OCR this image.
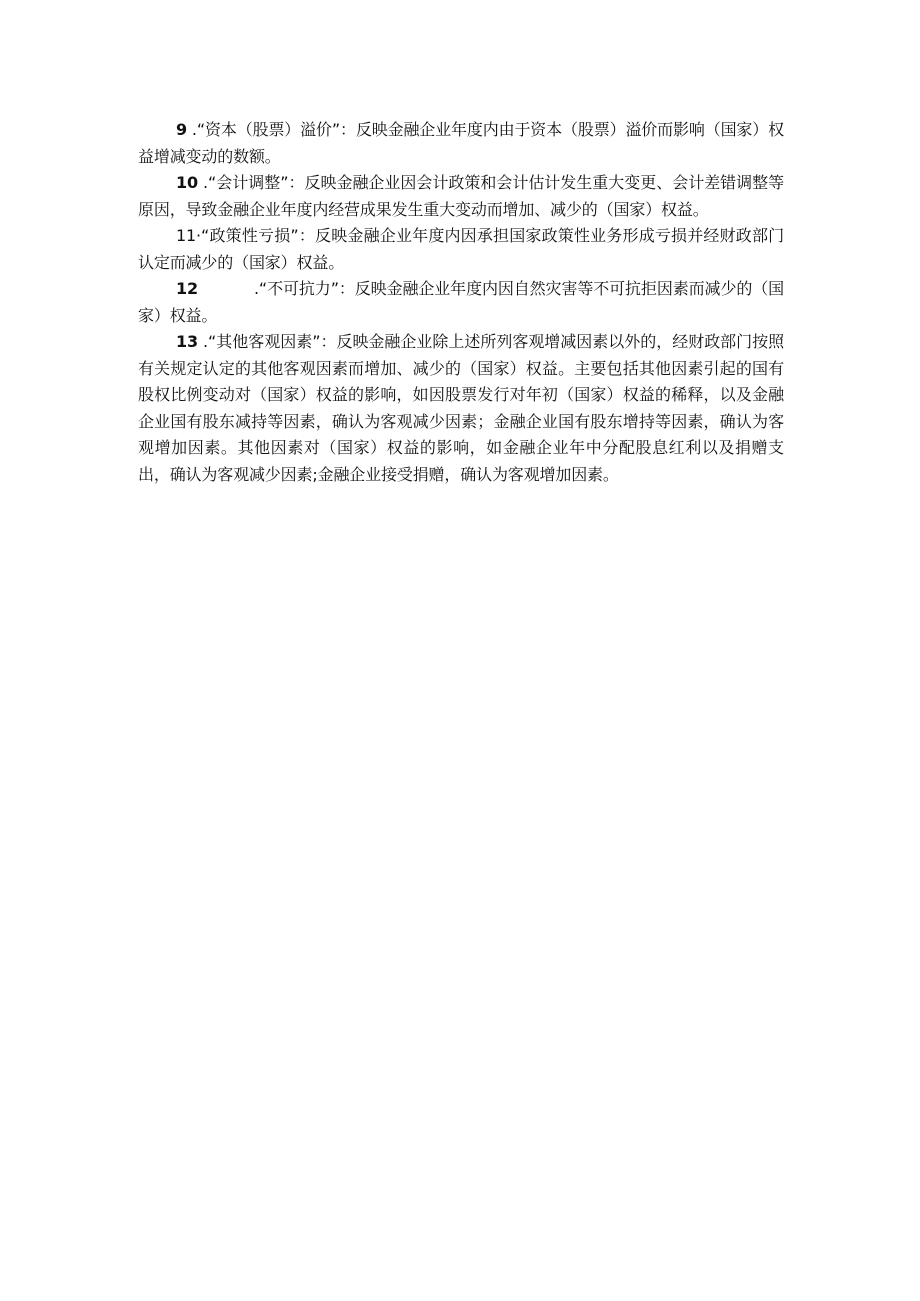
9 .“资本（股票）溢价”：反映金融企业年度内由于资本（股票）溢价而影响（国家）权益增减变动的数额。

10 .“会计调整”：反映金融企业因会计政策和会计估计发生重大变更、会计差错调整等原因，导致金融企业年度内经营成果发生重大变动而增加、减少的（国家）权益。

11·“政策性亏损”：反映金融企业年度内因承担国家政策性业务形成亏损并经财政部门认定而减少的（国家）权益。

12	.“不可抗力”：反映金融企业年度内因自然灾害等不可抗拒因素而减少的（国家）权益。

13 .“其他客观因素”：反映金融企业除上述所列客观增减因素以外的，经财政部门按照有关规定认定的其他客观因素而增加、减少的（国家）权益。主要包括其他因素引起的国有股权比例变动对（国家）权益的影响，如因股票发行对年初（国家）权益的稀释，以及金融企业国有股东减持等因素，确认为客观减少因素；金融企业国有股东增持等因素，确认为客观增加因素。其他因素对（国家）权益的影响，如金融企业年中分配股息红利以及捐赠支出，确认为客观减少因素;金融企业接受捐赠，确认为客观增加因素。
